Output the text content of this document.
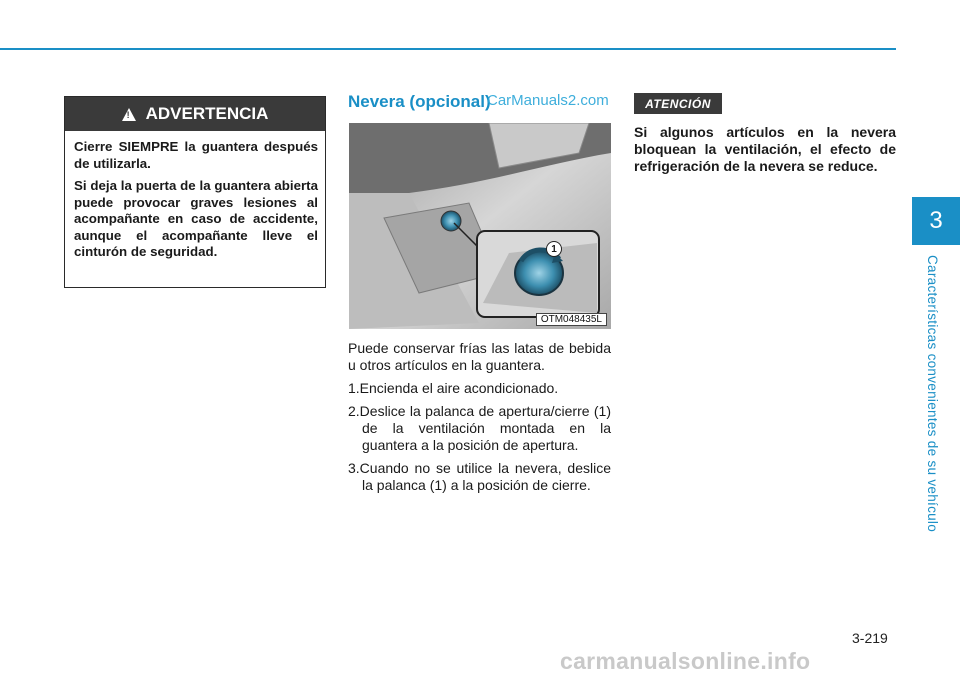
3
Características convenientes de su vehículo
!
ADVERTENCIA

Cierre SIEMPRE la guantera después de utilizarla.

Si deja la puerta de la guantera abierta puede provocar graves lesiones al acompañante en caso de accidente, aunque el acompañante lleve el cinturón de seguridad.

Nevera (opcional)
CarManuals2.com
1
OTM048435L

Puede conservar frías las latas de bebida u otros artículos en la guantera.

1.Encienda el aire acondicionado.

2.Deslice la palanca de apertura/cierre (1) de la ventilación montada en la guantera a la posición de apertura.

3.Cuando no se utilice la nevera, deslice la palanca (1) a la posición de cierre.

ATENCIÓN

Si algunos artículos en la nevera bloquean la ventilación, el efecto de refrigeración de la nevera se reduce.

3-219
carmanualsonline.info
